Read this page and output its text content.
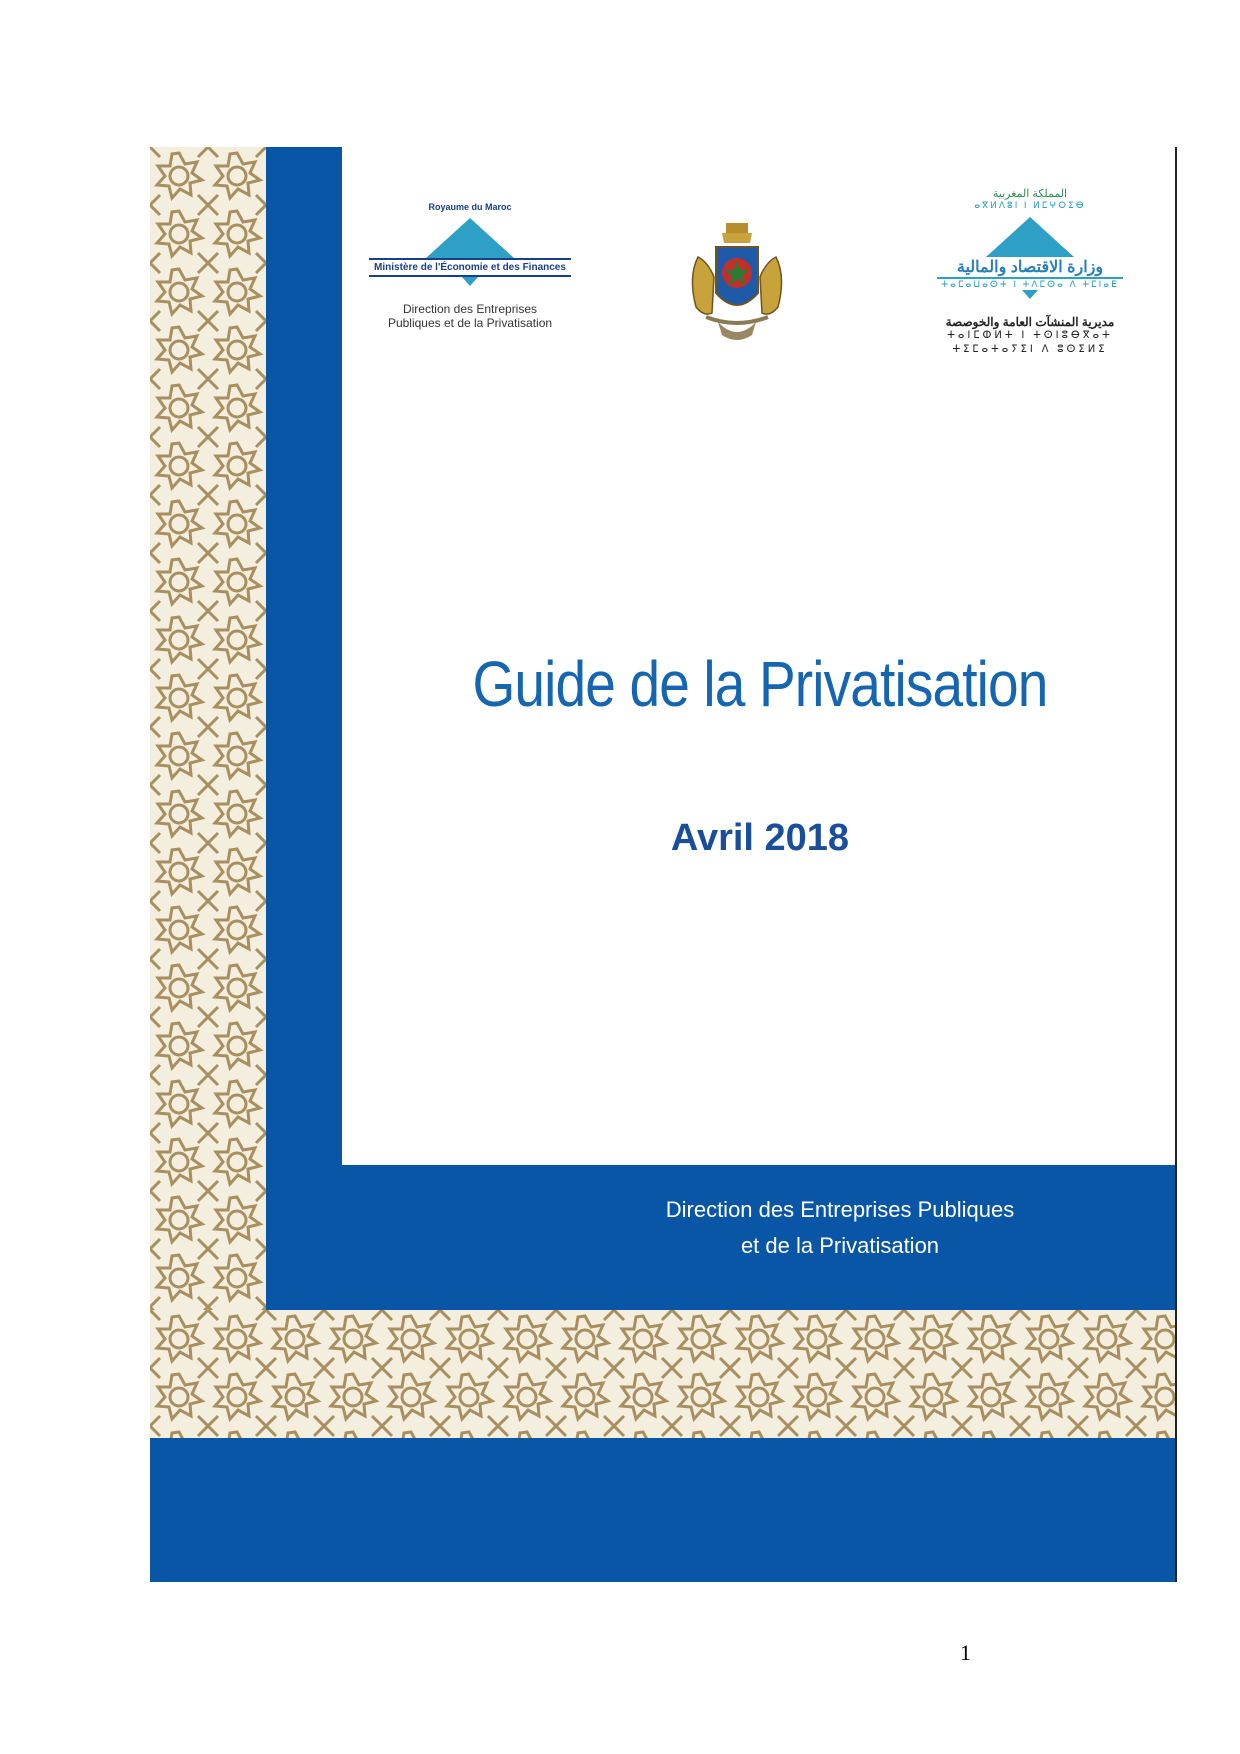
Royaume du Maroc
Ministère de l'Économie et des Finances
Direction des Entreprises
Publiques et de la Privatisation
المملكة المغربية
ⴰⴳⵍⴷⵓⵏ ⵏ ⵍⵎⵖⵔⵉⴱ
وزارة الاقتصاد والمالية
ⵜⴰⵎⴰⵡⴰⵙⵜ ⵏ ⵜⴷⵎⵙⴰ ⴷ ⵜⵎⵏⴰⴹ
مديرية المنشآت العامة والخوصصة
ⵜⴰⵏⵎⵀⵍⵜ ⵏ ⵜⵙⵏⵓⴱⴳⴰⵜ
ⵜⵉⵎⴰⵜⴰⵢⵉⵏ ⴷ ⵓⵙⵉⵍⵉ
Guide de la Privatisation
Avril 2018
Direction des Entreprises Publiques
et de la Privatisation
1
